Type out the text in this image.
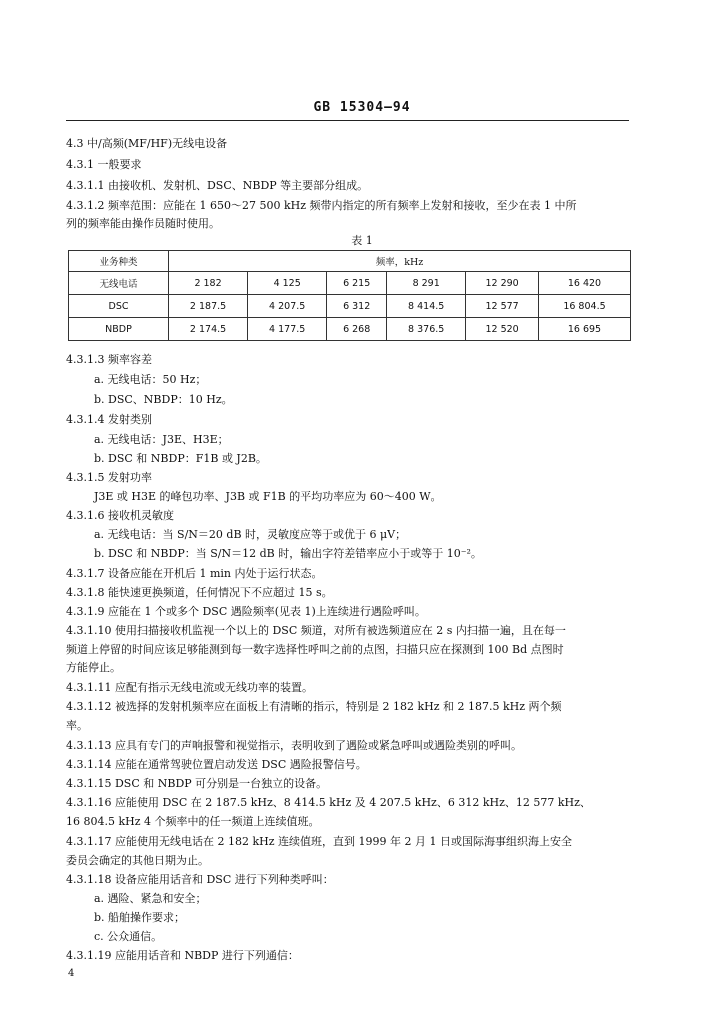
GB 15304—94
4.3 中/高频(MF/HF)无线电设备
4.3.1 一般要求
4.3.1.1 由接收机、发射机、DSC、NBDP 等主要部分组成。
4.3.1.2 频率范围：应能在 1 650～27 500 kHz 频带内指定的所有频率上发射和接收，至少在表 1 中所
列的频率能由操作员随时使用。
4.3.1.3 频率容差
a. 无线电话：50 Hz；
b. DSC、NBDP：10 Hz。
4.3.1.4 发射类别
a. 无线电话：J3E、H3E；
b. DSC 和 NBDP：F1B 或 J2B。
4.3.1.5 发射功率
J3E 或 H3E 的峰包功率、J3B 或 F1B 的平均功率应为 60～400 W。
4.3.1.6 接收机灵敏度
a. 无线电话：当 S/N＝20 dB 时，灵敏度应等于或优于 6 μV；
b. DSC 和 NBDP：当 S/N＝12 dB 时，输出字符差错率应小于或等于 10⁻²。
4.3.1.7 设备应能在开机后 1 min 内处于运行状态。
4.3.1.8 能快速更换频道，任何情况下不应超过 15 s。
4.3.1.9 应能在 1 个或多个 DSC 遇险频率(见表 1)上连续进行遇险呼叫。
4.3.1.10 使用扫描接收机监视一个以上的 DSC 频道，对所有被选频道应在 2 s 内扫描一遍，且在每一
频道上停留的时间应该足够能测到每一数字选择性呼叫之前的点图，扫描只应在探测到 100 Bd 点图时
方能停止。
4.3.1.11 应配有指示无线电流或无线功率的装置。
4.3.1.12 被选择的发射机频率应在面板上有清晰的指示，特别是 2 182 kHz 和 2 187.5 kHz 两个频
率。
4.3.1.13 应具有专门的声响报警和视觉指示，表明收到了遇险或紧急呼叫或遇险类别的呼叫。
4.3.1.14 应能在通常驾驶位置启动发送 DSC 遇险报警信号。
4.3.1.15 DSC 和 NBDP 可分别是一台独立的设备。
4.3.1.16 应能使用 DSC 在 2 187.5 kHz、8 414.5 kHz 及 4 207.5 kHz、6 312 kHz、12 577 kHz、
16 804.5 kHz 4 个频率中的任一频道上连续值班。
4.3.1.17 应能使用无线电话在 2 182 kHz 连续值班，直到 1999 年 2 月 1 日或国际海事组织海上安全
委员会确定的其他日期为止。
4.3.1.18 设备应能用话音和 DSC 进行下列种类呼叫：
a. 遇险、紧急和安全；
b. 船舶操作要求；
c. 公众通信。
4.3.1.19 应能用话音和 NBDP 进行下列通信：
表 1
业务种类	频率，kHz					
无线电话	2 182	4 125	6 215	8 291	12 290	16 420
DSC	2 187.5	4 207.5	6 312	8 414.5	12 577	16 804.5
NBDP	2 174.5	4 177.5	6 268	8 376.5	12 520	16 695
4
